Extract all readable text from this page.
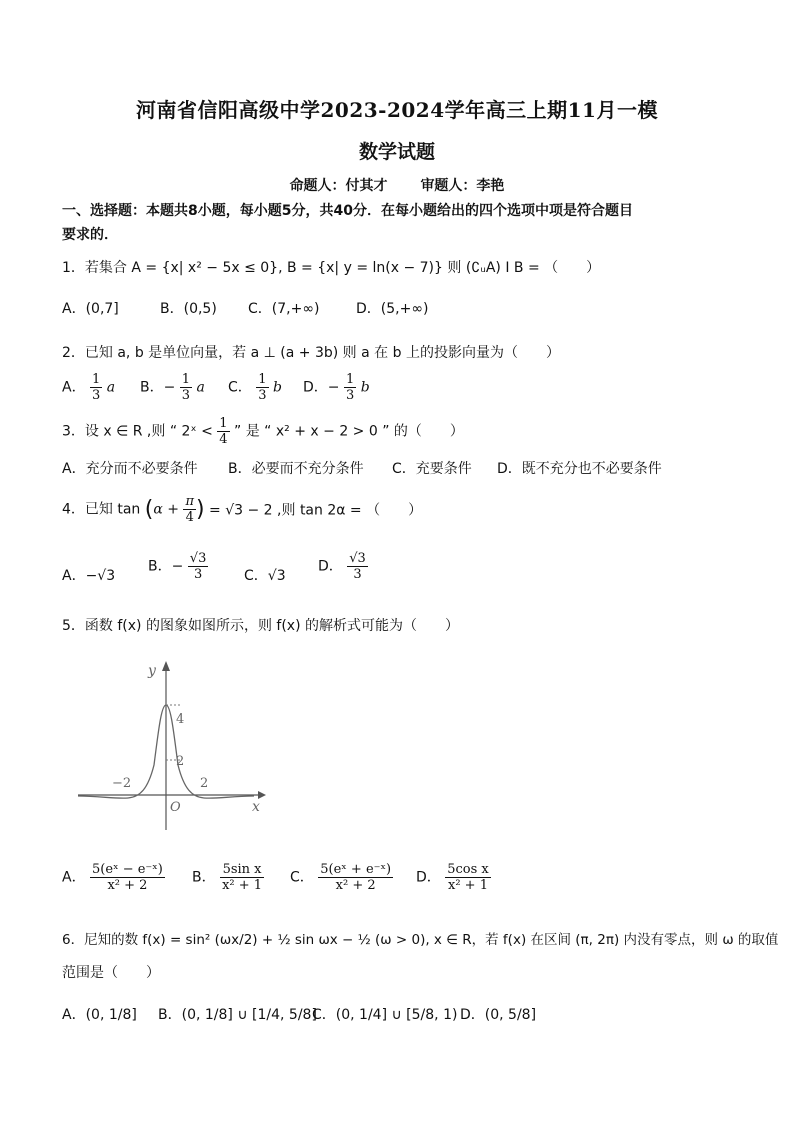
河南省信阳高级中学2023-2024学年高三上期11月一模
数学试题
命题人：付其才 审题人：李艳
一、选择题：本题共8小题，每小题5分，共40分．在每小题给出的四个选项中项是符合题目
要求的．
1．若集合 A = {x| x² − 5x ≤ 0}, B = {x| y = ln(x − 7)} 则 (∁ᵤA) I B = （　　）
A．(0,7]	B．(0,5) C．(7,+∞)	D．(5,+∞)
2．已知 a, b 是单位向量，若 a ⊥ (a + 3b) 则 a 在 b 上的投影向量为（　　）
A． $\frac{1}{3}$ a B．− $\frac{1}{3}$ a C． $\frac{1}{3}$ b D．− $\frac{1}{3}$ b
3．设 x ∈ R ,则 “ 2ˣ < $\frac{1}{4}$ ” 是 “ x² + x − 2 > 0 ” 的（　　）
A．充分而不必要条件 B．必要而不充分条件 C．充要条件 D．既不充分也不必要条件
4．已知 $\tan (\alpha + \frac{\pi}{4}$ ) = √3 − 2 ,则 tan 2α = （　　）
A．−√3
B．− $\frac{√3}{3}$	C．√3
D． $\frac{√3}{3}$
5．函数 f(x) 的图象如图所示，则 f(x) 的解析式可能为（　　）
y
x
O
4
2
−2	2
A． $\frac{\text{5(eˣ − e⁻ˣ)}}{\text{x² + 2}}$ B． $\frac{\text{5sin x}}{\text{x² + 1}}$ C． $\frac{\text{5(eˣ + e⁻ˣ)}}{\text{x² + 2}}$ D． $\frac{\text{5cos x}}{\text{x² + 1}}$
6．尼知的数 f(x) = sin² (ωx/2) + ½ sin ωx − ½ (ω > 0), x ∈ R，若 f(x) 在区间 (π, 2π) 内没有零点，则 ω 的取值
范围是（　　）
A．(0, 1/8] B．(0, 1/8] ∪ [1/4, 5/8]
C．(0, 1/4] ∪ [5/8, 1) D．(0, 5/8]
